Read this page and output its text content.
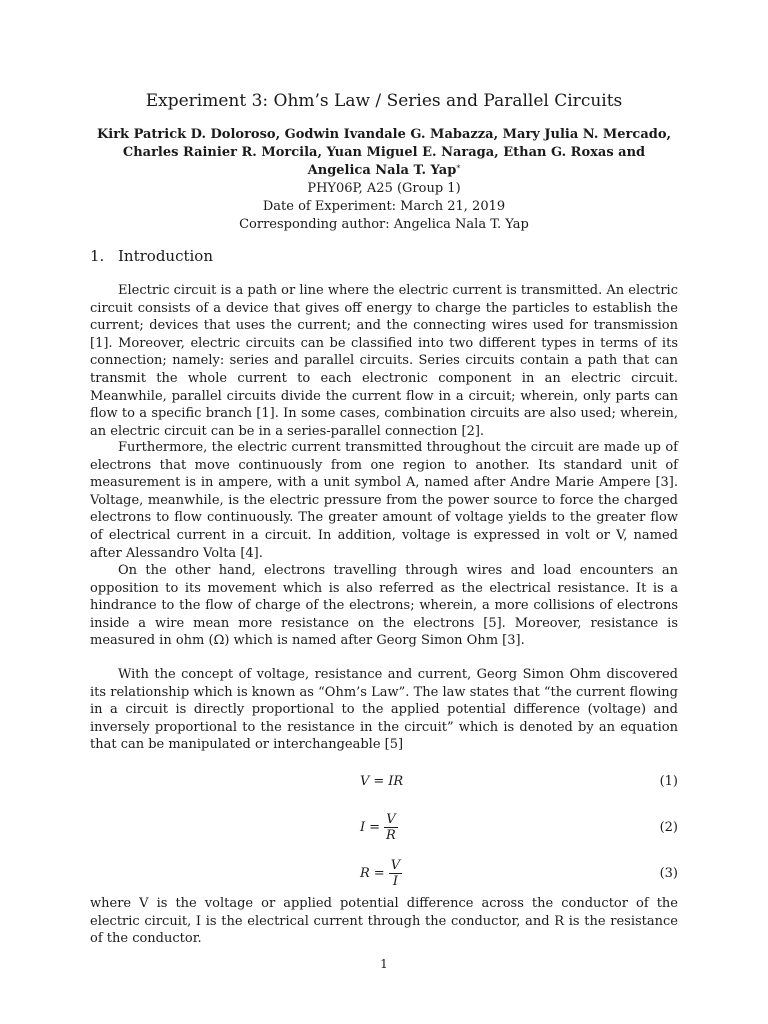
Experiment 3: Ohm’s Law / Series and Parallel Circuits
Kirk Patrick D. Doloroso, Godwin Ivandale G. Mabazza, Mary Julia N. Mercado,
Charles Rainier R. Morcila, Yuan Miguel E. Naraga, Ethan G. Roxas and
Angelica Nala T. Yap*

PHY06P, A25 (Group 1)

Date of Experiment: March 21, 2019

Corresponding author: Angelica Nala T. Yap

1. Introduction

Electric circuit is a path or line where the electric current is transmitted. An electric circuit consists of a device that gives off energy to charge the particles to establish the current; devices that uses the current; and the connecting wires used for transmission [1]. Moreover, electric circuits can be classified into two different types in terms of its connection; namely: series and parallel circuits. Series circuits contain a path that can transmit the whole current to each electronic component in an electric circuit. Meanwhile, parallel circuits divide the current flow in a circuit; wherein, only parts can flow to a specific branch [1]. In some cases, combination circuits are also used; wherein, an electric circuit can be in a series-parallel connection [2].

Furthermore, the electric current transmitted throughout the circuit are made up of electrons that move continuously from one region to another. Its standard unit of measurement is in ampere, with a unit symbol A, named after Andre Marie Ampere [3]. Voltage, meanwhile, is the electric pressure from the power source to force the charged electrons to flow continuously. The greater amount of voltage yields to the greater flow of electrical current in a circuit. In addition, voltage is expressed in volt or V, named after Alessandro Volta [4].

On the other hand, electrons travelling through wires and load encounters an opposition to its movement which is also referred as the electrical resistance. It is a hindrance to the flow of charge of the electrons; wherein, a more collisions of electrons inside a wire mean more resistance on the electrons [5]. Moreover, resistance is measured in ohm (Ω) which is named after Georg Simon Ohm [3].

With the concept of voltage, resistance and current, Georg Simon Ohm discovered its relationship which is known as “Ohm’s Law”. The law states that “the current flowing in a circuit is directly proportional to the applied potential difference (voltage) and inversely proportional to the resistance in the circuit” which is denoted by an equation that can be manipulated or interchangeable [5]

V = IR	(1)
$I = \frac{V}{R}$	(2)
$R = \frac{V}{I}$	(3)

where V is the voltage or applied potential difference across the conductor of the electric circuit, I is the electrical current through the conductor, and R is the resistance of the conductor.

1
